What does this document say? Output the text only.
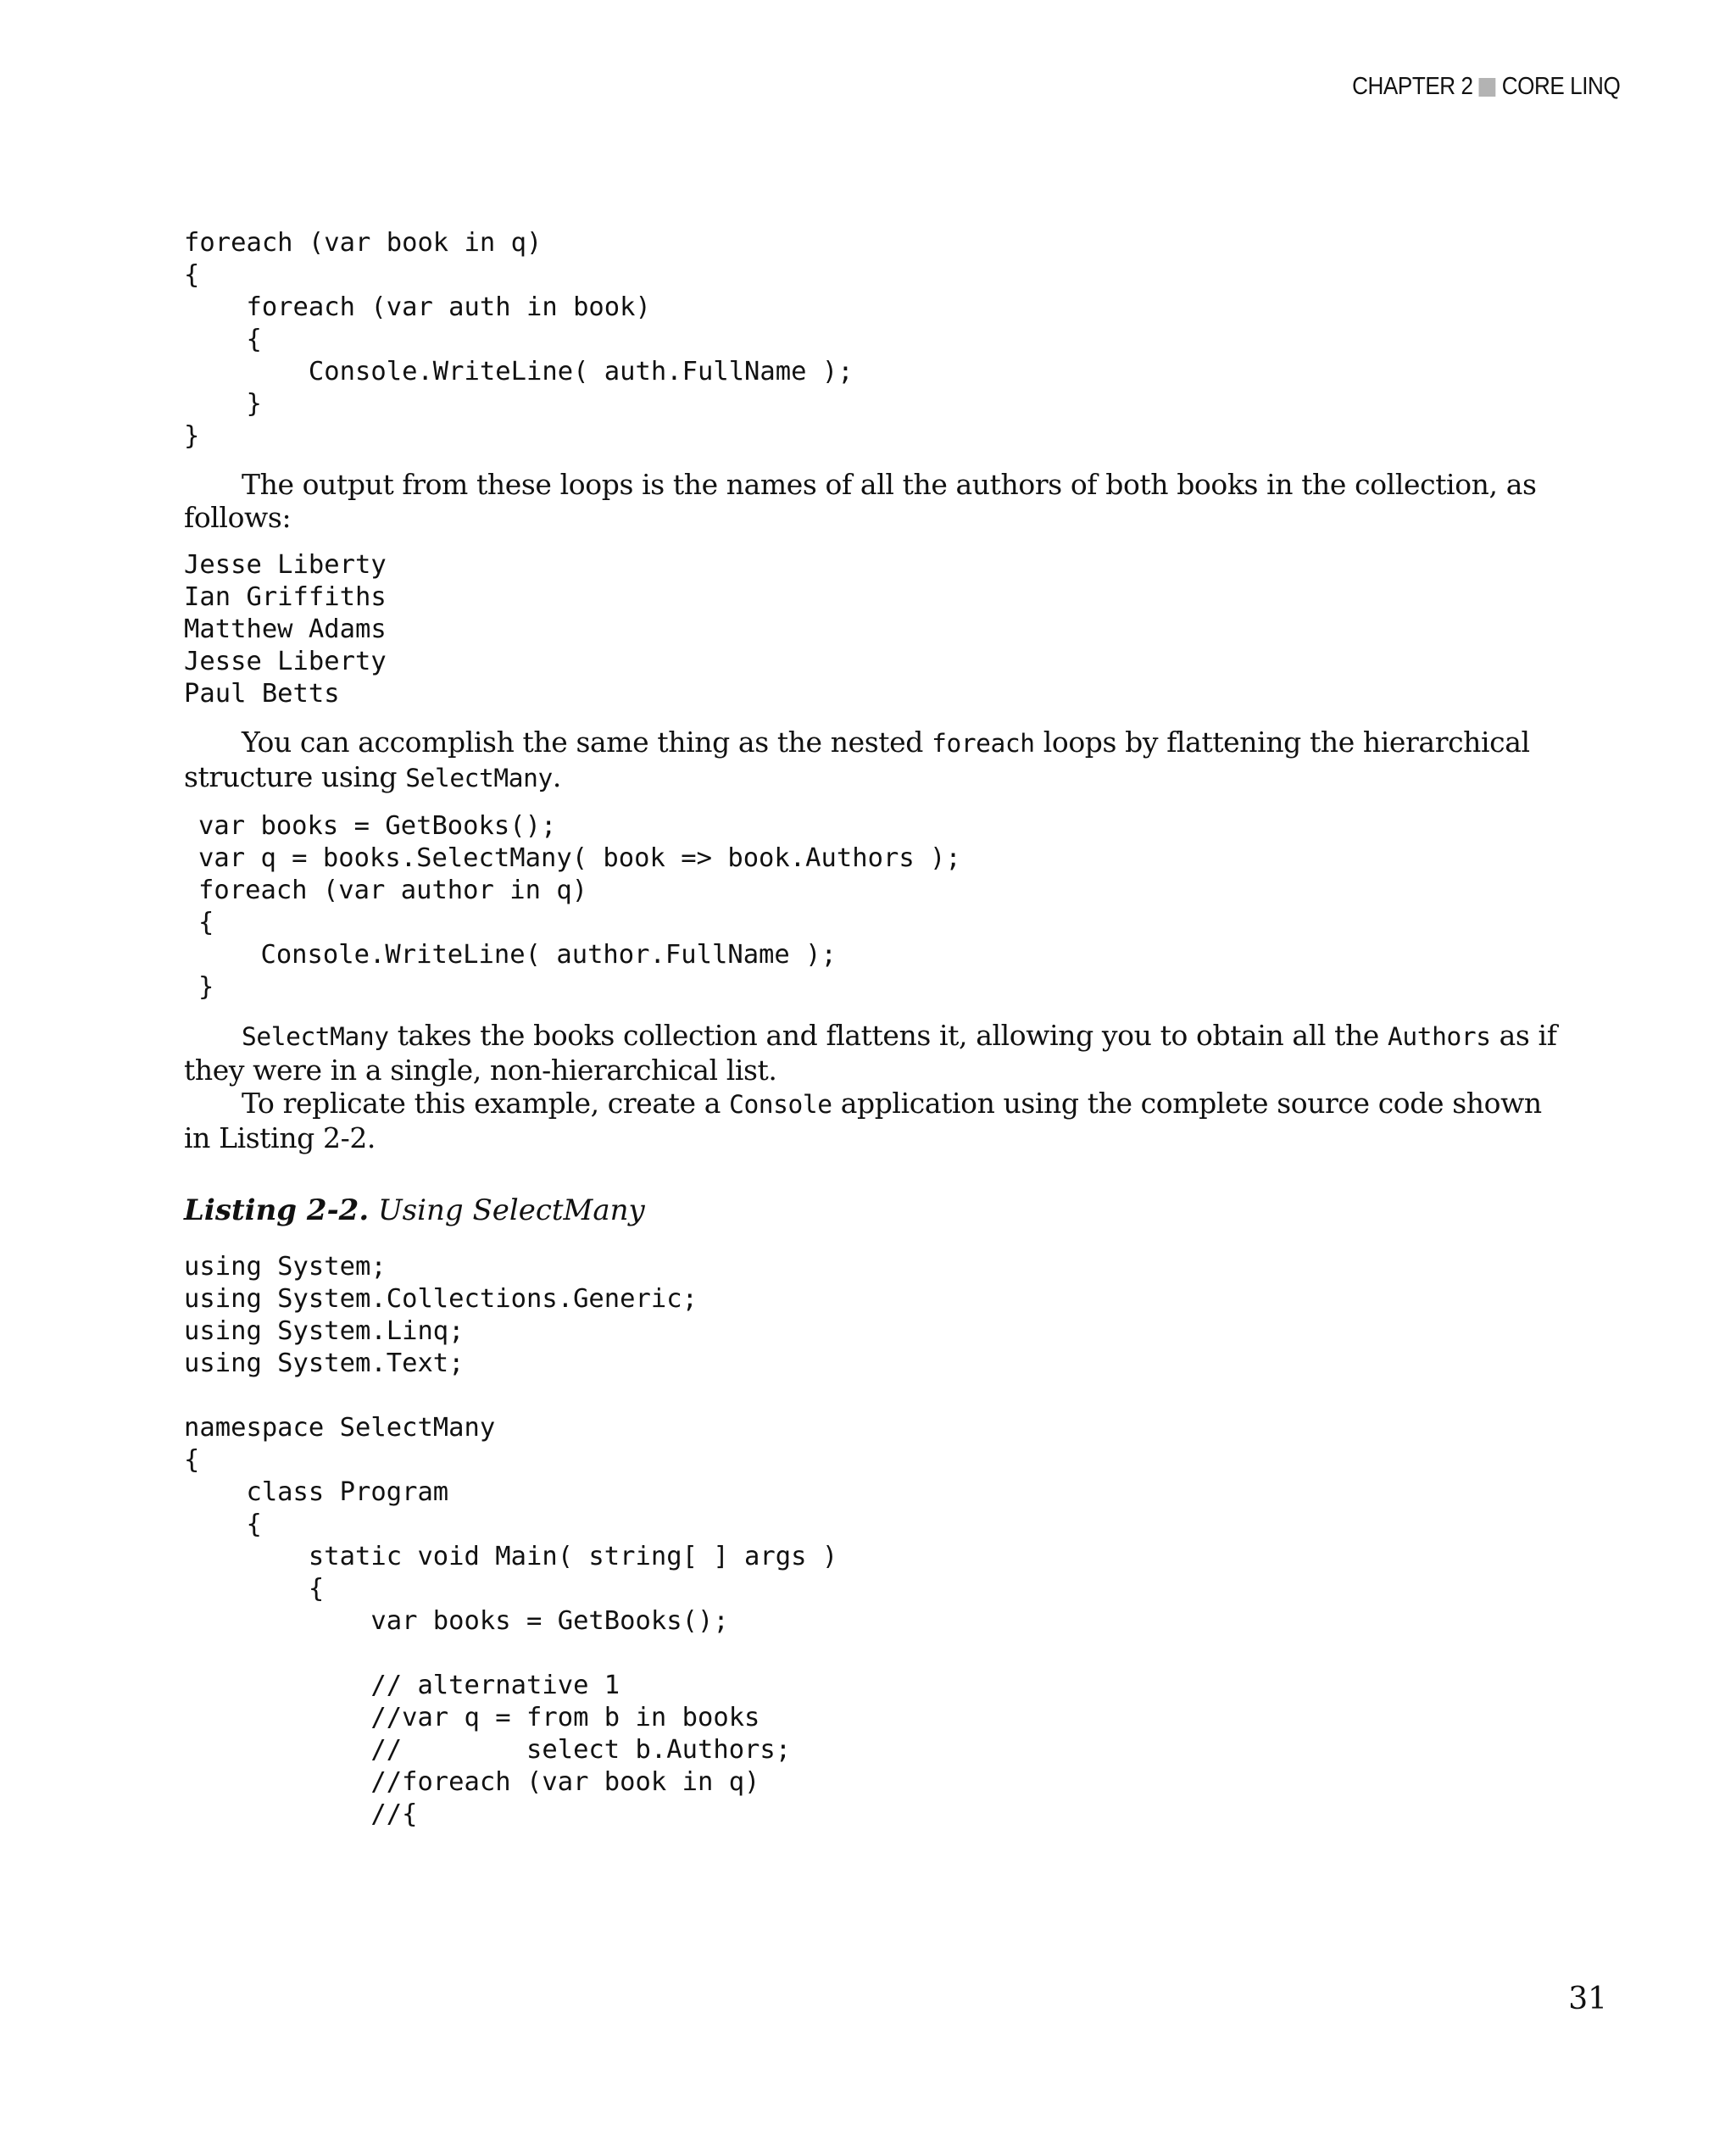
CHAPTER 2 CORE LINQ
foreach (var book in q)
{
foreach (var auth in book)
{
Console.WriteLine( auth.FullName );
}
}

The output from these loops is the names of all the authors of both books in the collection, as follows:

Jesse Liberty
Ian Griffiths
Matthew Adams
Jesse Liberty
Paul Betts

You can accomplish the same thing as the nested foreach loops by flattening the hierarchical structure using SelectMany.

var books = GetBooks();
var q = books.SelectMany( book => book.Authors );
foreach (var author in q)
{
Console.WriteLine( author.FullName );
}

SelectMany takes the books collection and flattens it, allowing you to obtain all the Authors as if they were in a single, non-hierarchical list.

To replicate this example, create a Console application using the complete source code shown in Listing 2-2.

Listing 2-2. Using SelectMany

using System;
using System.Collections.Generic;
using System.Linq;
using System.Text;

namespace SelectMany
{
class Program
{
static void Main( string[ ] args )
{
var books = GetBooks();

// alternative 1
//var q = from b in books
//        select b.Authors;
//foreach (var book in q)
//{
31
